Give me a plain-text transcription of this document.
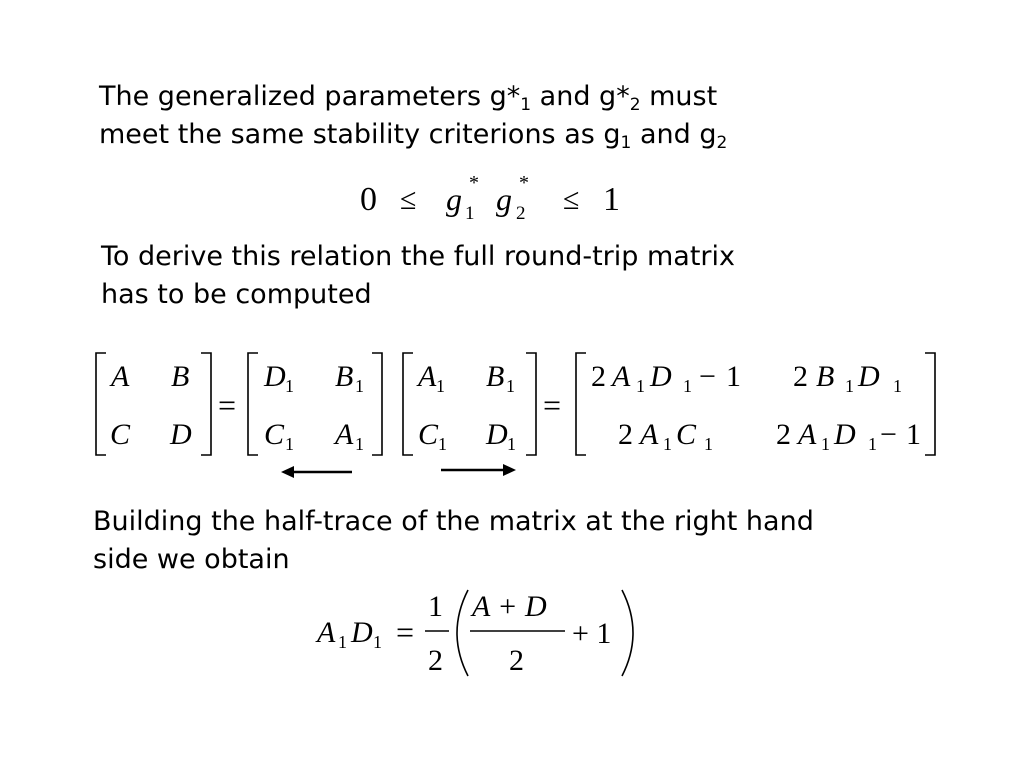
The generalized parameters $g*_1$ and $g*_2$ must
meet the same stability criterions as $g_1$ and $g_2$

To derive this relation the full round-trip matrix
has to be computed

Building the half-trace of the matrix at the right hand
side we obtain

0 ≤ g *
1 g *
2 ≤ 1
A B
C D
=
D 1 B 1
C 1 A 1
A 1 B 1
C 1 D 1
=
2 A 1 D 1 − 1 2 B 1 D 1
2 A 1 C 1 2 A 1 D 1 − 1
A 1 D 1 =
1
2
A + D
2
+ 1
